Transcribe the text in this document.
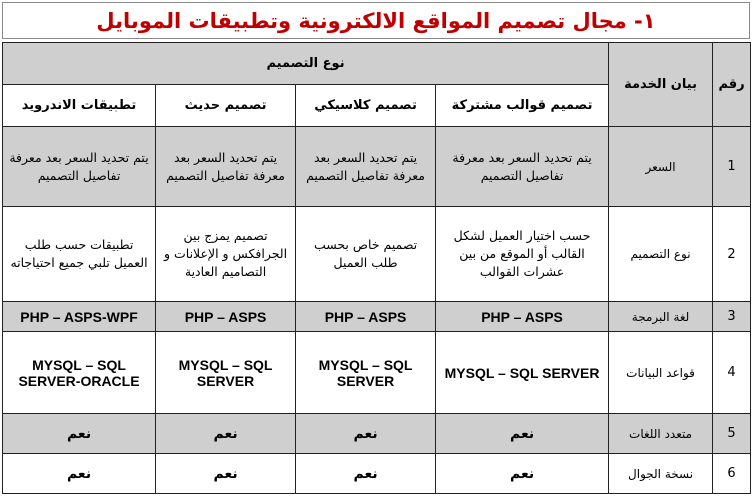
١- مجال تصميم المواقع الالكترونية وتطبيقات الموبايل
رقم	بيان الخدمة	نوع التصميم			
		تصميم قوالب مشتركة	تصميم كلاسيكي	تصميم حديث	تطبيقات الاندرويد
1	السعر	يتم تحديد السعر بعد معرفة تفاصيل التصميم	يتم تحديد السعر بعد معرفة تفاصيل التصميم	يتم تحديد السعر بعد معرفة تفاصيل التصميم	يتم تحديد السعر بعد معرفة تفاصيل التصميم
2	نوع التصميم	حسب اختيار العميل لشكل القالب أو الموقع من بين عشرات القوالب	تصميم خاص بحسب طلب العميل	تصميم يمزج بين الجرافكس و الإعلانات و التصاميم العادية	تطبيقات حسب طلب العميل تلبي جميع احتياجاته
3	لغة البرمجة	PHP – ASPS	PHP – ASPS	PHP – ASPS	PHP – ASPS-WPF
4	قواعد البيانات	MYSQL – SQL SERVER	MYSQL – SQL SERVER	MYSQL – SQL SERVER	MYSQL – SQL SERVER-ORACLE
5	متعدد اللغات	نعم	نعم	نعم	نعم
6	نسخة الجوال	نعم	نعم	نعم	نعم
